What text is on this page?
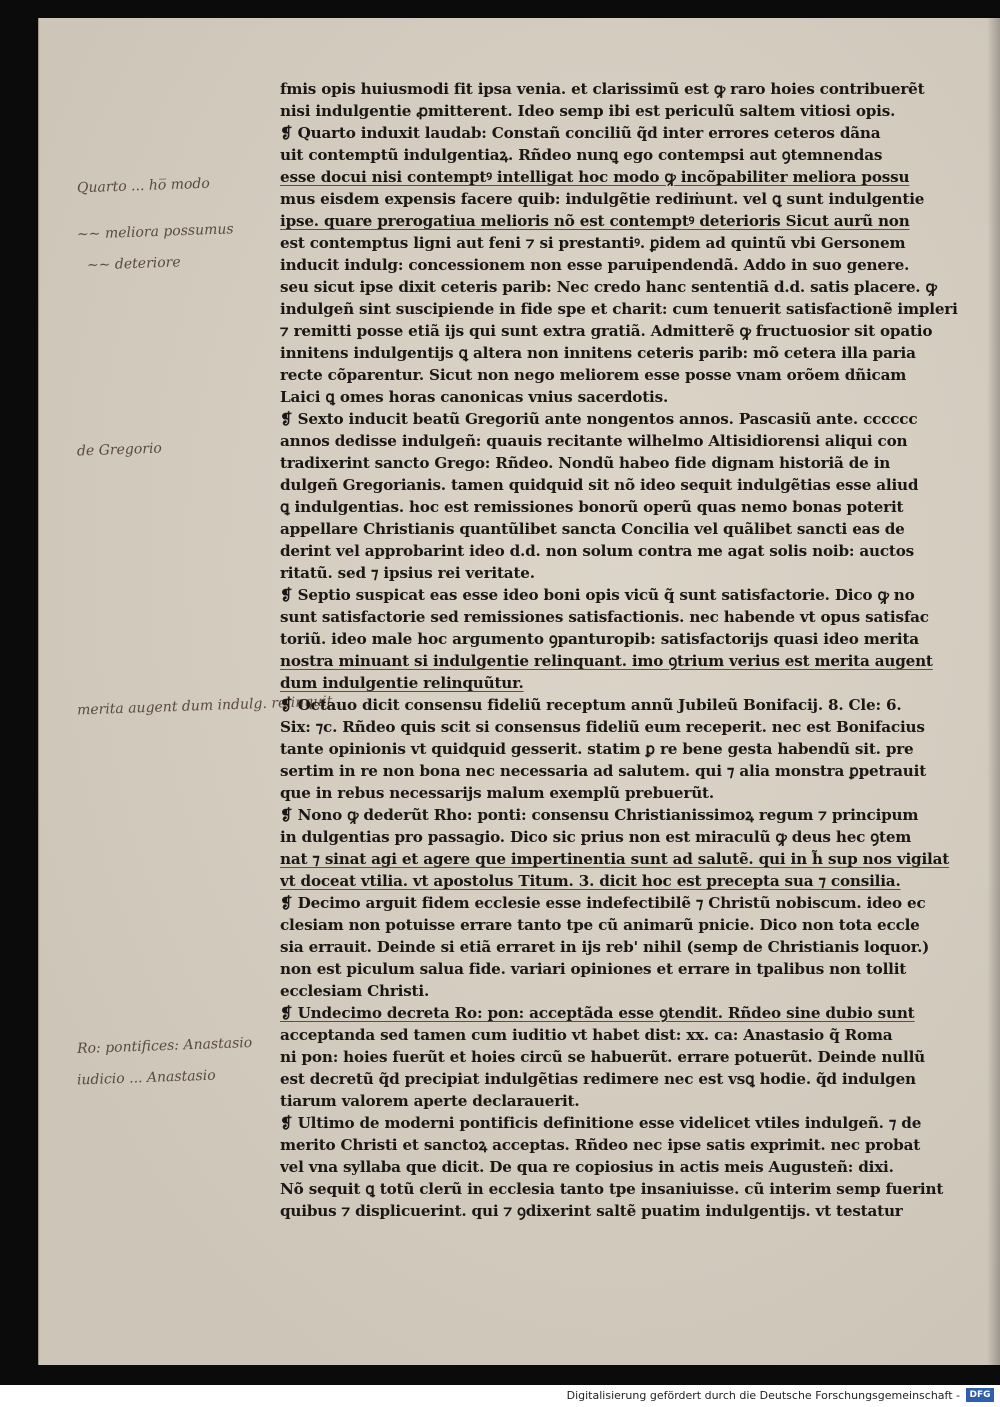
Quarto ... ho̅ modo
~~ meliora possumus
~~ deteriore
de Gregorio
merita augent dum indulg. relinquit
Ro: pontifices: Anastasio
iudicio ... Anastasio
fmis opis huiusmodi fit ipsa venia. et clarissimũ est ꝙ raro hoies contribuerẽt
nisi indulgentie ꝓmitterent. Ideo semp ibi est periculũ saltem vitiosi opis.
❡ Quarto induxit laudab: Constañ conciliũ q̃d inter errores ceteros dãna
uit contemptũ indulgentiaꝝ. Rñdeo nunꝗ ego contempsi aut ꝯtemnendas
esse docui nisi contemptꝰ intelligat hoc modo ꝙ incõpabiliter meliora possu
mus eisdem expensis facere quib: indulgẽtie rediṁunt. vel ꝗ sunt indulgentie
ipse. quare prerogatiua melioris nõ est contemptꝰ deterioris Sicut aurũ non
est contemptus ligni aut feni ⁊ si prestantiꝰ. ꝑidem ad quintũ vbi Gersonem
inducit indulg: concessionem non esse paruipendendã. Addo in suo genere.
seu sicut ipse dixit ceteris parib: Nec credo hanc sententiã d.d. satis placere. ꝙ
indulgeñ sint suscipiende in fide spe et charit: cum tenuerit satisfactionẽ impleri
⁊ remitti posse etiã ijs qui sunt extra gratiã. Admitterẽ ꝙ fructuosior sit opatio
innitens indulgentijs ꝗ altera non innitens ceteris parib: mõ cetera illa paria
recte cõparentur. Sicut non nego meliorem esse posse vnam orõem dñicam
Laici ꝗ omes horas canonicas vnius sacerdotis.
❡ Sexto inducit beatũ Gregoriũ ante nongentos annos. Pascasiũ ante. cccccc
annos dedisse indulgeñ: quauis recitante wilhelmo Altisidiorensi aliqui con
tradixerint sancto Grego: Rñdeo. Nondũ habeo fide dignam historiã de in
dulgeñ Gregorianis. tamen quidquid sit nõ ideo sequit indulgẽtias esse aliud
ꝗ indulgentias. hoc est remissiones bonorũ operũ quas nemo bonas poterit
appellare Christianis quantũlibet sancta Concilia vel quãlibet sancti eas de
derint vel approbarint ideo d.d. non solum contra me agat solis noib: auctos
ritatũ. sed ⁊ ipsius rei veritate.
❡ Septio suspicat eas esse ideo boni opis vicũ q̃ sunt satisfactorie. Dico ꝙ no
sunt satisfactorie sed remissiones satisfactionis. nec habende vt opus satisfac
toriũ. ideo male hoc argumento ꝯpanturopib: satisfactorijs quasi ideo merita
nostra minuant si indulgentie relinquant. imo ꝯtrium verius est merita augent
dum indulgentie relinquũtur.
❡ Octauo dicit consensu fideliũ receptum annũ Jubileũ Bonifacij. 8. Cle: 6.
Six: ⁊c. Rñdeo quis scit si consensus fideliũ eum receperit. nec est Bonifacius
tante opinionis vt quidquid gesserit. statim ꝑ re bene gesta habendũ sit. pre
sertim in re non bona nec necessaria ad salutem. qui ⁊ alia monstra ꝑpetrauit
que in rebus necessarijs malum exemplũ prebuerũt.
❡ Nono ꝙ dederũt Rho: ponti: consensu Christianissimoꝝ regum ⁊ principum
in dulgentias pro passagio. Dico sic prius non est miraculũ ꝙ deus hec ꝯtem
nat ⁊ sinat agi et agere que impertinentia sunt ad salutẽ. qui in h̃ sup nos vigilat
vt doceat vtilia. vt apostolus Titum. 3. dicit hoc est precepta sua ⁊ consilia.
❡ Decimo arguit fidem ecclesie esse indefectibilẽ ⁊ Christũ nobiscum. ideo ec
clesiam non potuisse errare tanto tpe cũ animarũ pnicie. Dico non tota eccle
sia errauit. Deinde si etiã erraret in ijs reb' nihil (semp de Christianis loquor.)
non est piculum salua fide. variari opiniones et errare in tpalibus non tollit
ecclesiam Christi.
❡ Undecimo decreta Ro: pon: acceptãda esse ꝯtendit. Rñdeo sine dubio sunt
acceptanda sed tamen cum iuditio vt habet dist: xx. ca: Anastasio q̃ Roma
ni pon: hoies fuerũt et hoies circũ se habuerũt. errare potuerũt. Deinde nullũ
est decretũ q̃d precipiat indulgẽtias redimere nec est vsꝗ hodie. q̃d indulgen
tiarum valorem aperte declarauerit.
❡ Ultimo de moderni pontificis definitione esse videlicet vtiles indulgeñ. ⁊ de
merito Christi et sanctoꝝ acceptas. Rñdeo nec ipse satis exprimit. nec probat
vel vna syllaba que dicit. De qua re copiosius in actis meis Augusteñ: dixi.
Nõ sequit ꝗ totũ clerũ in ecclesia tanto tpe insaniuisse. cũ interim semp fuerint
quibus ⁊ displicuerint. qui ⁊ ꝯdixerint saltẽ puatim indulgentijs. vt testatur
Digitalisierung gefördert durch die Deutsche Forschungsgemeinschaft -	DFG
